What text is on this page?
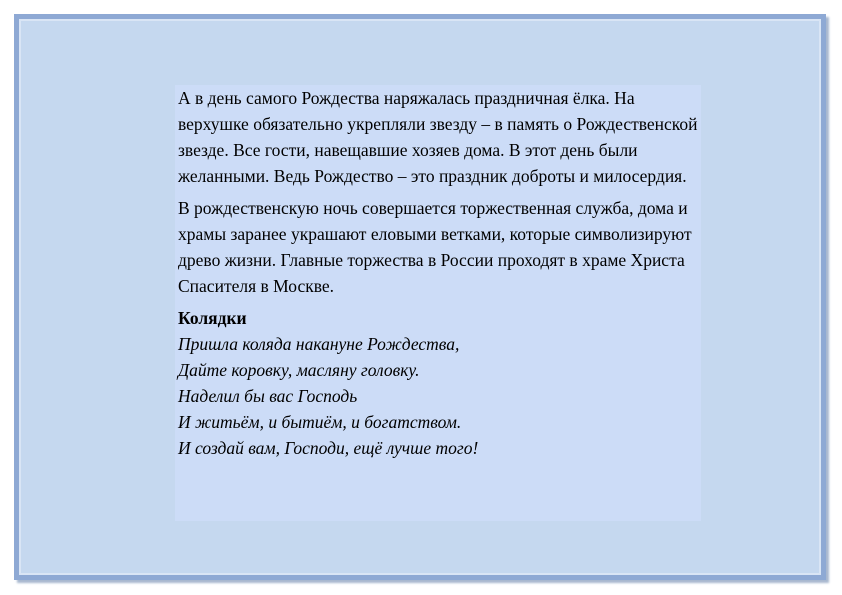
А в день самого Рождества наряжалась праздничная ёлка. На верхушке обязательно укрепляли звезду – в память о Рождественской звезде. Все гости, навещавшие хозяев дома. В этот день были желанными. Ведь Рождество – это праздник доброты и милосердия.

В рождественскую ночь совершается торжественная служба, дома и храмы заранее украшают еловыми ветками, которые символизируют древо жизни. Главные торжества в России проходят в храме Христа Спасителя в Москве.

Колядки

Пришла коляда накануне Рождества,

Дайте коровку, масляну головку.

Наделил бы вас Господь

И житьём, и бытиём, и богатством.

И создай вам, Господи, ещё лучше того!
